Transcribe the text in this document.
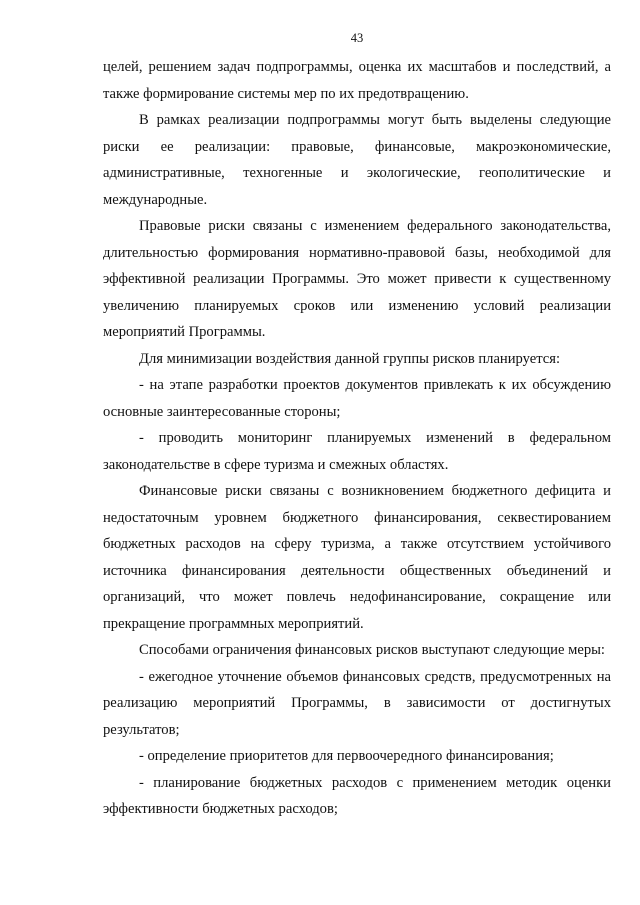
43

целей, решением задач подпрограммы, оценка их масштабов и последствий, а также формирование системы мер по их предотвращению.

В рамках реализации подпрограммы могут быть выделены следующие риски ее реализации: правовые, финансовые, макроэкономические, административные, техногенные и экологические, геополитические и международные.

Правовые риски связаны с изменением федерального законодательства, длительностью формирования нормативно-правовой базы, необходимой для эффективной реализации Программы. Это может привести к существенному увеличению планируемых сроков или изменению условий реализации мероприятий Программы.

Для минимизации воздействия данной группы рисков планируется:

- на этапе разработки проектов документов привлекать к их обсуждению основные заинтересованные стороны;

- проводить мониторинг планируемых изменений в федеральном законодательстве в сфере туризма и смежных областях.

Финансовые риски связаны с возникновением бюджетного дефицита и недостаточным уровнем бюджетного финансирования, секвестированием бюджетных расходов на сферу туризма, а также отсутствием устойчивого источника финансирования деятельности общественных объединений и организаций, что может повлечь недофинансирование, сокращение или прекращение программных мероприятий.

Способами ограничения финансовых рисков выступают следующие меры:

- ежегодное уточнение объемов финансовых средств, предусмотренных на реализацию мероприятий Программы, в зависимости от достигнутых результатов;

- определение приоритетов для первоочередного финансирования;

- планирование бюджетных расходов с применением методик оценки эффективности бюджетных расходов;
